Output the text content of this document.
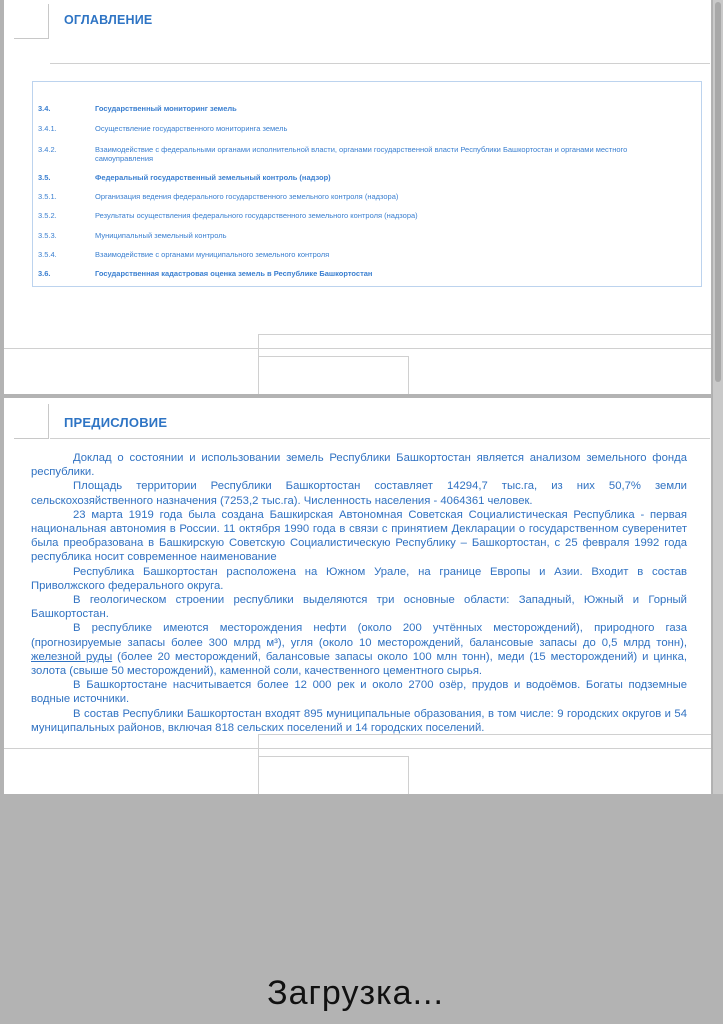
ОГЛАВЛЕНИЕ
3.4.	Государственный мониторинг земель
3.4.1.	Осуществление государственного мониторинга земель
3.4.2.	Взаимодействие с федеральными органами исполнительной власти, органами государственной власти Республики Башкортостан и органами местного самоуправления
3.5.	Федеральный государственный земельный контроль (надзор)
3.5.1.	Организация ведения федерального государственного земельного контроля (надзора)
3.5.2.	Результаты осуществления федерального государственного земельного контроля (надзора)
3.5.3.	Муниципальный земельный контроль
3.5.4.	Взаимодействие с органами муниципального земельного контроля
3.6.	Государственная кадастровая оценка земель в Республике Башкортостан
ПРЕДИСЛОВИЕ

Доклад о состоянии и использовании земель Республики Башкортостан является анализом земельного фонда республики.

Площадь территории Республики Башкортостан составляет 14294,7 тыс.га, из них 50,7% земли сельскохозяйственного назначения (7253,2 тыс.га). Численность населения - 4064361 человек.

23 марта 1919 года была создана Башкирская Автономная Советская Социалистическая Республика - первая национальная автономия в России. 11 октября 1990 года в связи с принятием Декларации о государственном суверенитет была преобразована в Башкирскую Советскую Социалистическую Республику – Башкортостан, с 25 февраля 1992 года республика носит современное наименование

Республика Башкортостан расположена на Южном Урале, на границе Европы и Азии. Входит в состав Приволжского федерального округа.

В геологическом строении республики выделяются три основные области: Западный, Южный и Горный Башкортостан.

В республике имеются месторождения нефти (около 200 учтённых месторождений), природного газа (прогнозируемые запасы более 300 млрд м³), угля (около 10 месторождений, балансовые запасы до 0,5 млрд тонн), железной руды (более 20 месторождений, балансовые запасы около 100 млн тонн), меди (15 месторождений) и цинка, золота (свыше 50 месторождений), каменной соли, качественного цементного сырья.

В Башкортостане насчитывается более 12 000 рек и около 2700 озёр, прудов и водоёмов. Богаты подземные водные источники.

В состав Республики Башкортостан входят 895 муниципальные образования, в том числе: 9 городских округов и 54 муниципальных районов, включая 818 сельских поселений и 14 городских поселений.

Загрузка...
